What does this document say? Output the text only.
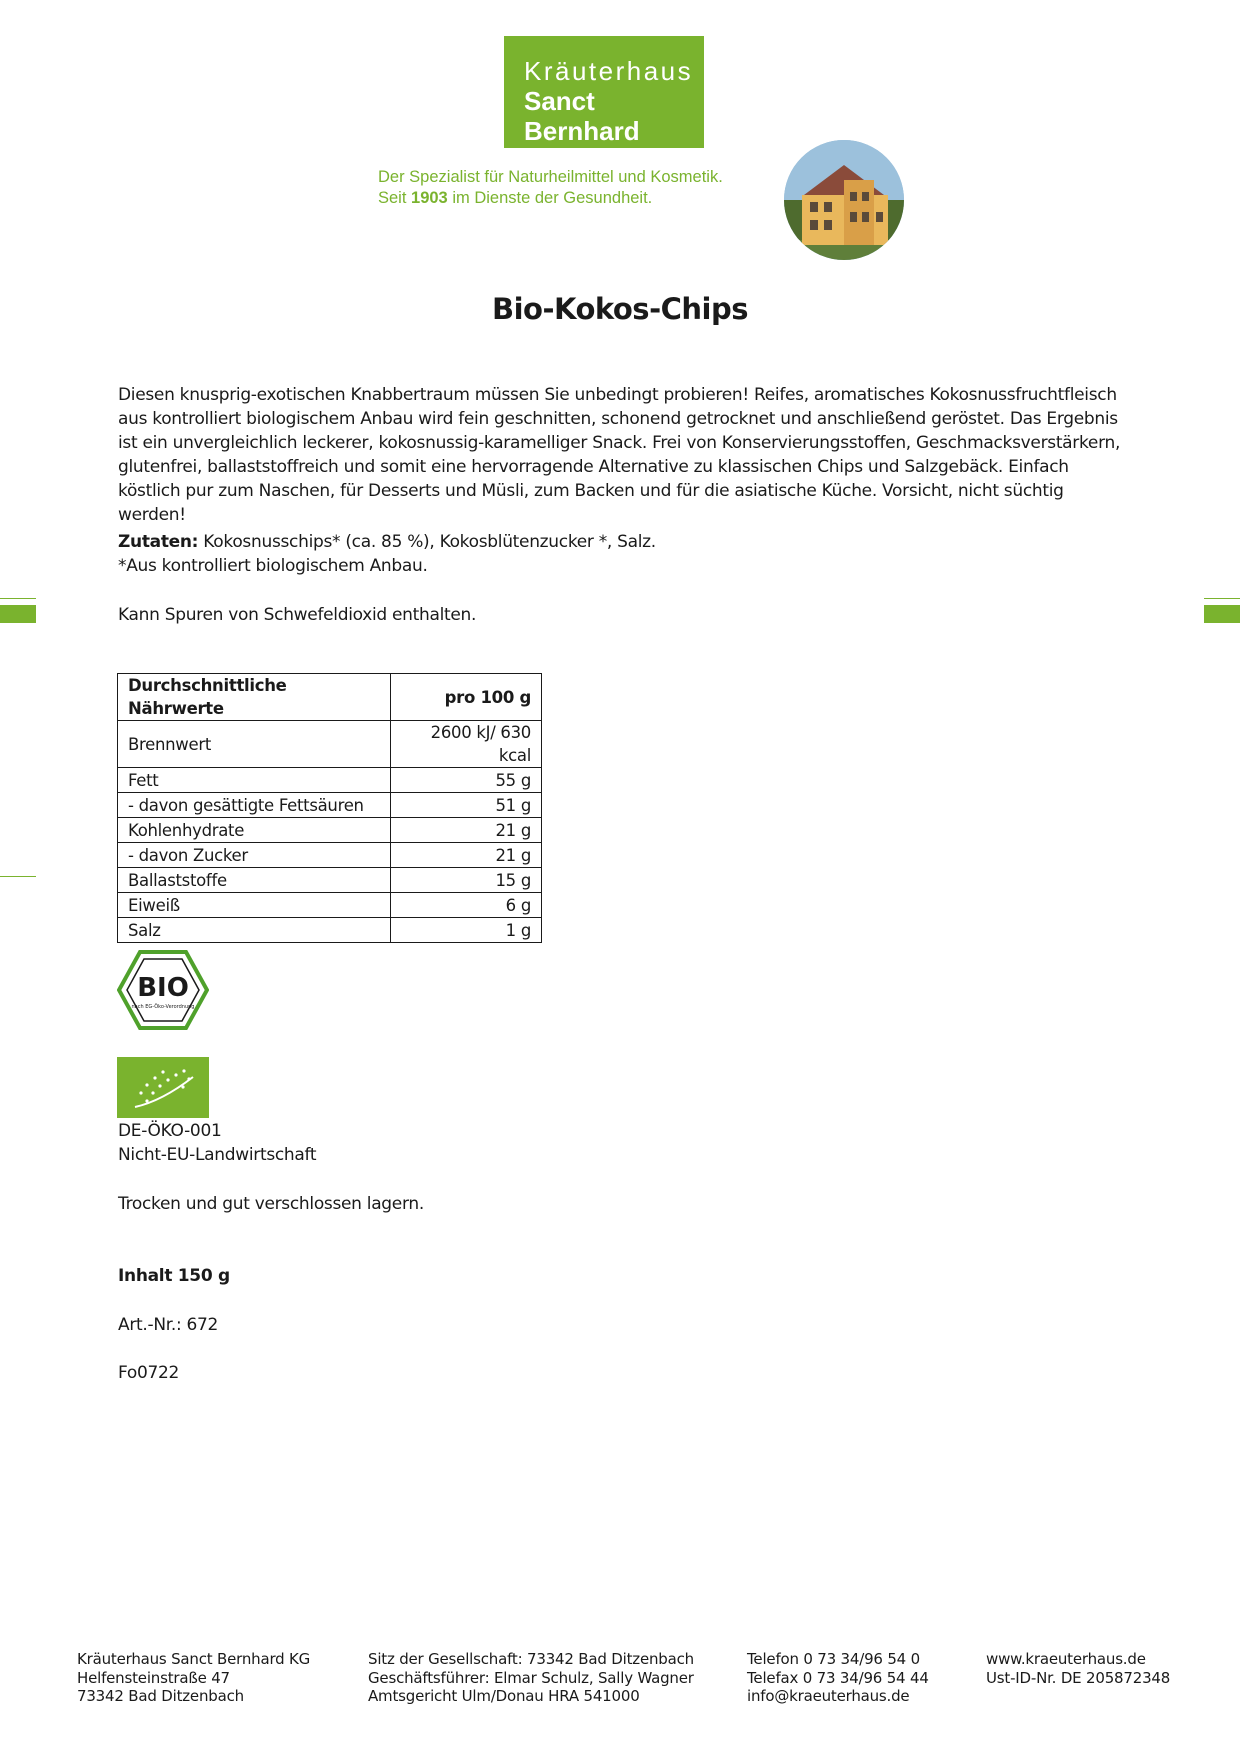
Kräuterhaus
Sanct Bernhard
Der Spezialist für Naturheilmittel und Kosmetik.
Seit 1903 im Dienste der Gesundheit.
Bio-Kokos-Chips
Diesen knusprig-exotischen Knabbertraum müssen Sie unbedingt probieren! Reifes, aromatisches Kokosnussfruchtfleisch aus kontrolliert biologischem Anbau wird fein geschnitten, schonend getrocknet und anschließend geröstet. Das Ergebnis ist ein unvergleichlich leckerer, kokosnussig-karamelliger Snack. Frei von Konservierungsstoffen, Geschmacksverstärkern, glutenfrei, ballaststoffreich und somit eine hervorragende Alternative zu klassischen Chips und Salzgebäck. Einfach köstlich pur zum Naschen, für Desserts und Müsli, zum Backen und für die asiatische Küche. Vorsicht, nicht süchtig werden!
Zutaten: Kokosnusschips* (ca. 85 %), Kokosblütenzucker *, Salz.
*Aus kontrolliert biologischem Anbau.
Kann Spuren von Schwefeldioxid enthalten.
Durchschnittliche Nährwerte	pro 100 g
Brennwert	2600 kJ/ 630 kcal
Fett	55 g
- davon gesättigte Fettsäuren	51 g
Kohlenhydrate	21 g
- davon Zucker	21 g
Ballaststoffe	15 g
Eiweiß	6 g
Salz	1 g
BIO
nach EG-Öko-Verordnung
DE-ÖKO-001
Nicht-EU-Landwirtschaft
Trocken und gut verschlossen lagern.
Inhalt 150 g
Art.-Nr.: 672
Fo0722
Kräuterhaus Sanct Bernhard KG
Helfensteinstraße 47
73342 Bad Ditzenbach
Sitz der Gesellschaft: 73342 Bad Ditzenbach
Geschäftsführer: Elmar Schulz, Sally Wagner
Amtsgericht Ulm/Donau HRA 541000
Telefon 0 73 34/96 54 0
Telefax 0 73 34/96 54 44
info@kraeuterhaus.de
www.kraeuterhaus.de
Ust-ID-Nr. DE 205872348
